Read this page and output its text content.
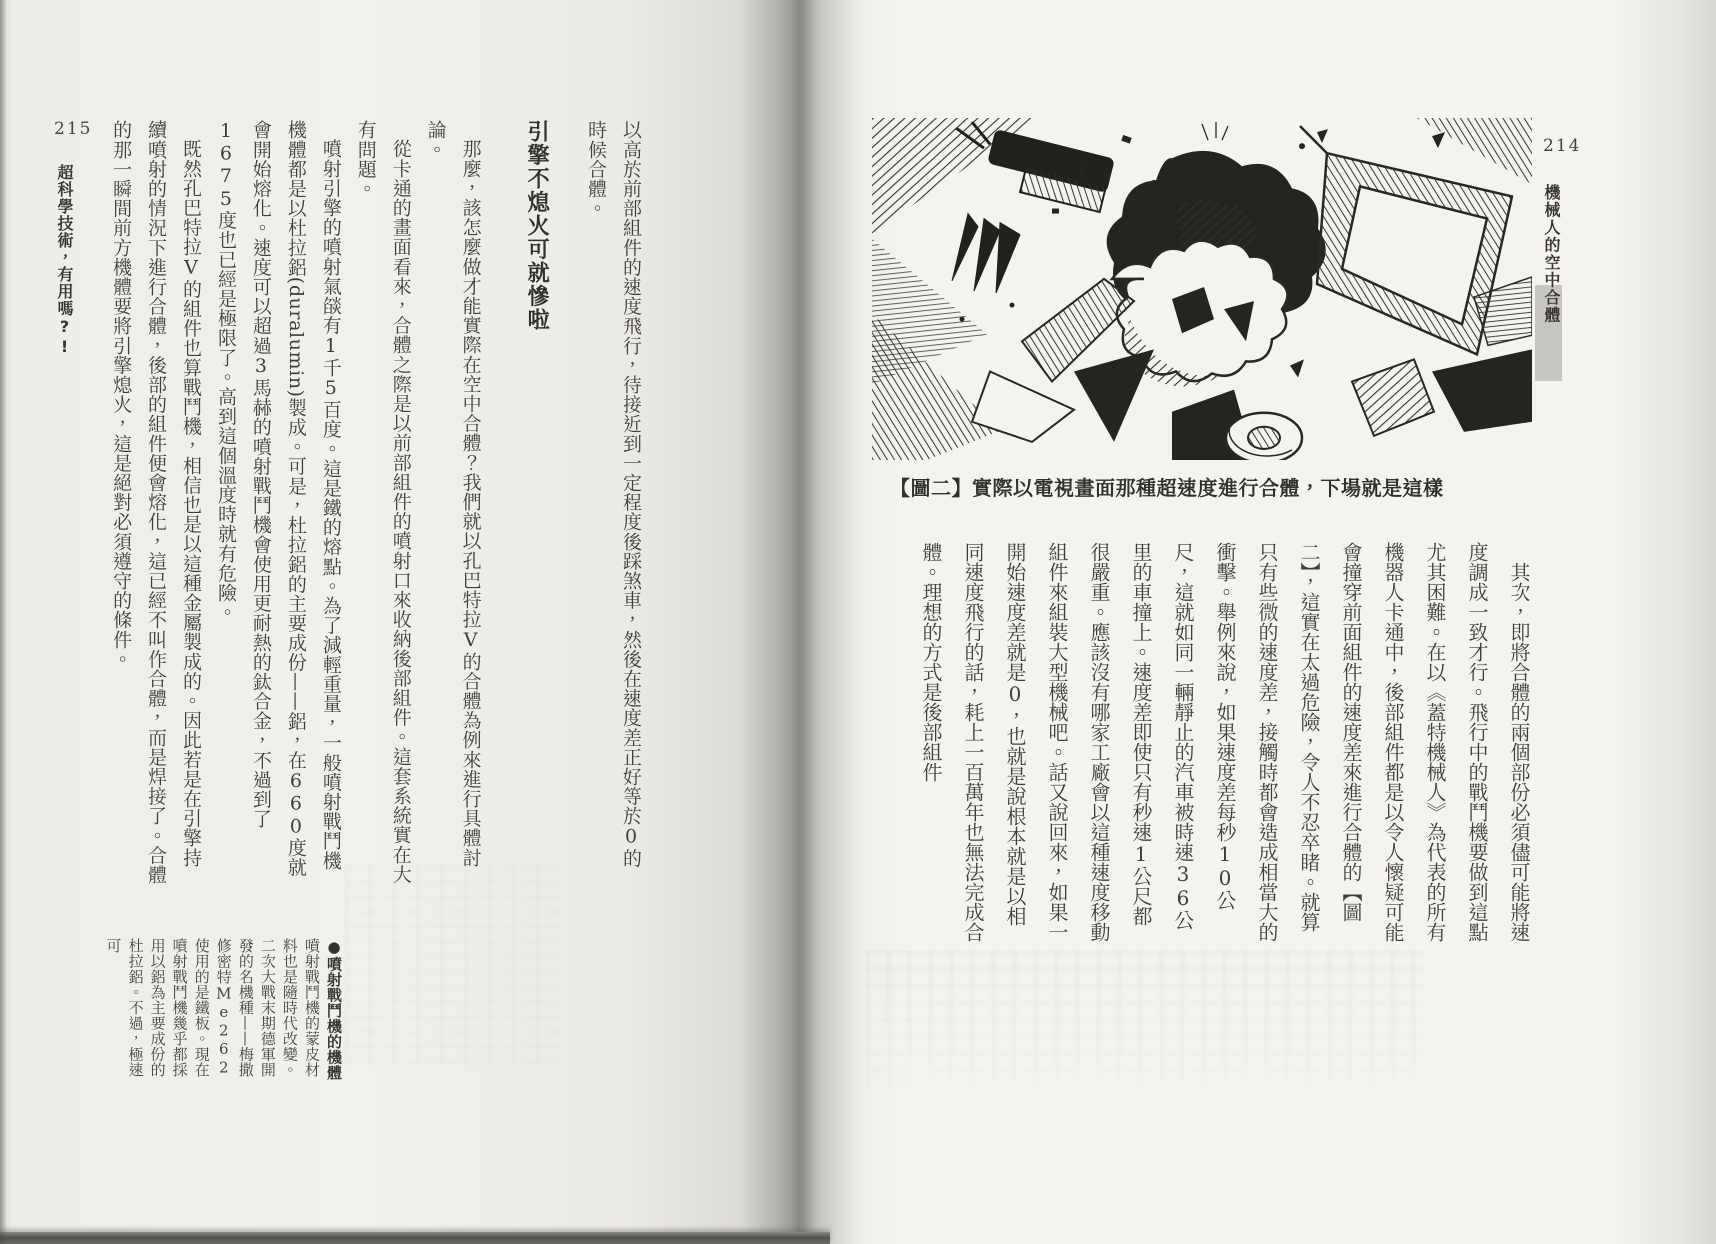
215
超科學技術，有用嗎?!	以高於前部組件的速度飛行，待接近到一定程度後踩煞車，然後在速度差正好等於0的時候合體。

引擎不熄火可就慘啦

那麼，該怎麼做才能實際在空中合體？我們就以孔巴特拉V的合體為例來進行具體討論。

從卡通的畫面看來，合體之際是以前部組件的噴射口來收納後部組件。這套系統實在大有問題。

噴射引擎的噴射氣燄有1千5百度。這是鐵的熔點。為了減輕重量，一般噴射戰鬥機機體都是以杜拉鋁(duralumin)製成。可是，杜拉鋁的主要成份——鋁，在660度就會開始熔化。速度可以超過3馬赫的噴射戰鬥機會使用更耐熱的鈦合金，不過到了1675度也已經是極限了。高到這個溫度時就有危險。

既然孔巴特拉V的組件也算戰鬥機，相信也是以這種金屬製成的。因此若是在引擎持續噴射的情況下進行合體，後部的組件便會熔化，這已經不叫作合體，而是焊接了。合體的那一瞬間前方機體要將引擎熄火，這是絕對必須遵守的條件。

●噴射戰鬥機的機體

噴射戰鬥機的蒙皮材料也是隨時代改變。二次大戰末期德軍開發的名機種——梅撒修密特Me262使用的是鐵板。現在噴射戰鬥機幾乎都採用以鋁為主要成份的杜拉鋁。不過，極速可

214
機械人的空中合體
【圖二】實際以電視畫面那種超速度進行合體，下場就是這樣

其次，即將合體的兩個部份必須儘可能將速度調成一致才行。飛行中的戰鬥機要做到這點尤其困難。在以《蓋特機械人》為代表的所有機器人卡通中，後部組件都是以令人懷疑可能會撞穿前面組件的速度差來進行合體的【圖二】，這實在太過危險，令人不忍卒睹。就算只有些微的速度差，接觸時都會造成相當大的衝擊。舉例來說，如果速度差每秒10公尺，這就如同一輛靜止的汽車被時速36公里的車撞上。速度差即使只有秒速1公尺都很嚴重。應該沒有哪家工廠會以這種速度移動組件來組裝大型機械吧。話又說回來，如果一開始速度差就是0，也就是說根本就是以相同速度飛行的話，耗上一百萬年也無法完成合體。理想的方式是後部組件
